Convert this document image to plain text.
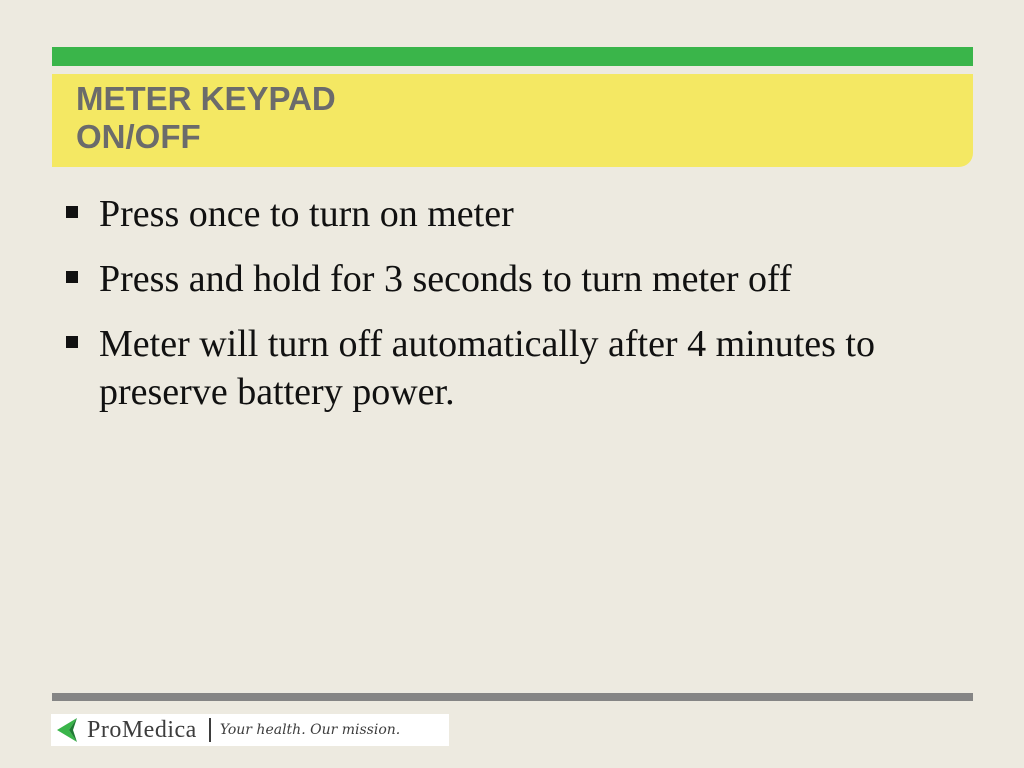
METER KEYPAD
ON/OFF
Press once to turn on meter
Press and hold for 3 seconds to turn meter off
Meter will turn off automatically after 4 minutes to preserve battery power.
ProMedica Your health. Our mission.
